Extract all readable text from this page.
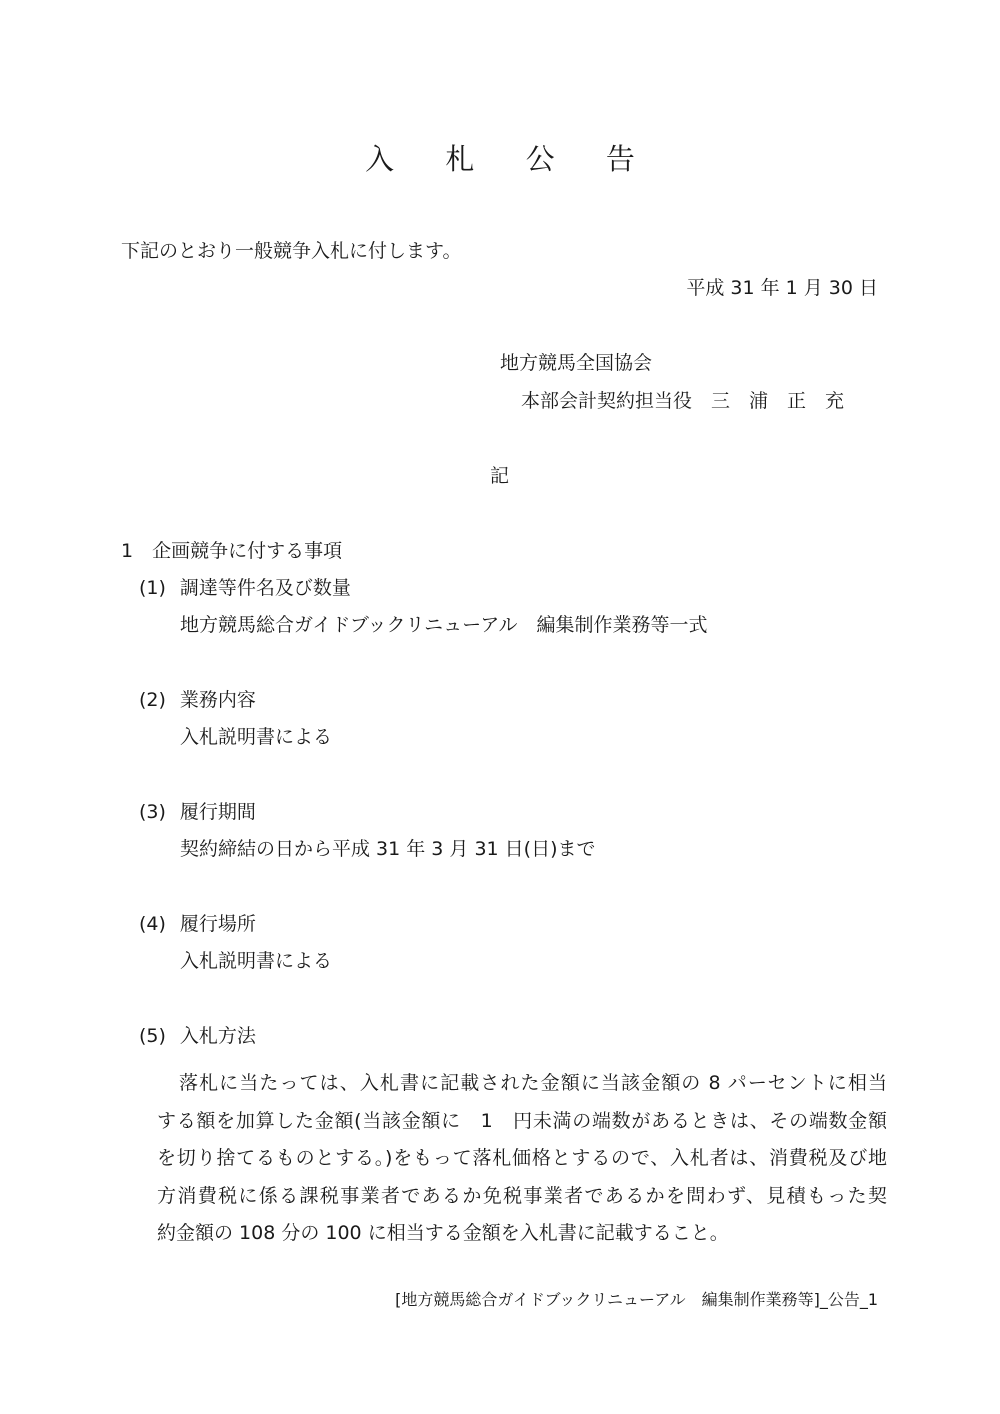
入 札 公 告
下記のとおり一般競争入札に付します。
平成 31 年 1 月 30 日
地方競馬全国協会
本部会計契約担当役　三　浦　正　充
記
1　企画競争に付する事項
(1) 調達等件名及び数量
地方競馬総合ガイドブックリニューアル　編集制作業務等一式
(2) 業務内容
入札説明書による
(3) 履行期間
契約締結の日から平成 31 年 3 月 31 日(日)まで
(4) 履行場所
入札説明書による
(5) 入札方法
落札に当たっては、入札書に記載された金額に当該金額の 8 パーセントに相当
する額を加算した金額(当該金額に　1　円未満の端数があるときは、その端数金額
を切り捨てるものとする。)をもって落札価格とするので、入札者は、消費税及び地
方消費税に係る課税事業者であるか免税事業者であるかを問わず、見積もった契
約金額の 108 分の 100 に相当する金額を入札書に記載すること。
[地方競馬総合ガイドブックリニューアル　編集制作業務等]_公告_1
